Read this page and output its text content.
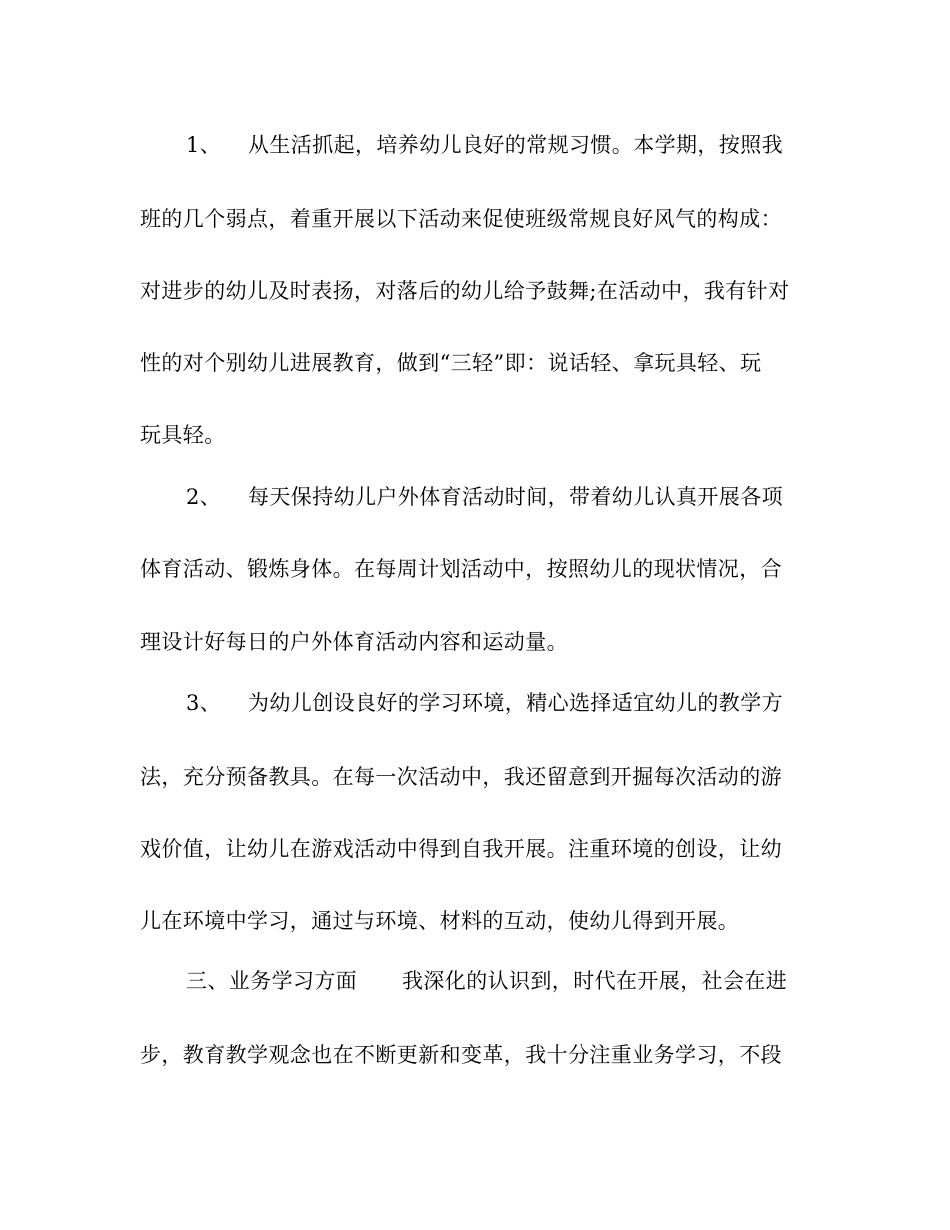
1、 从生活抓起，培养幼儿良好的常规习惯。本学期，按照我
班的几个弱点，着重开展以下活动来促使班级常规良好风气的构成：
对进步的幼儿及时表扬，对落后的幼儿给予鼓舞;在活动中，我有针对
性的对个别幼儿进展教育，做到“三轻”即：说话轻、拿玩具轻、玩
玩具轻。
2、 每天保持幼儿户外体育活动时间，带着幼儿认真开展各项
体育活动、锻炼身体。在每周计划活动中，按照幼儿的现状情况，合
理设计好每日的户外体育活动内容和运动量。
3、 为幼儿创设良好的学习环境，精心选择适宜幼儿的教学方
法，充分预备教具。在每一次活动中，我还留意到开掘每次活动的游
戏价值，让幼儿在游戏活动中得到自我开展。注重环境的创设，让幼
儿在环境中学习，通过与环境、材料的互动，使幼儿得到开展。
三、业务学习方面 我深化的认识到，时代在开展，社会在进
步，教育教学观念也在不断更新和变革，我十分注重业务学习，不段
